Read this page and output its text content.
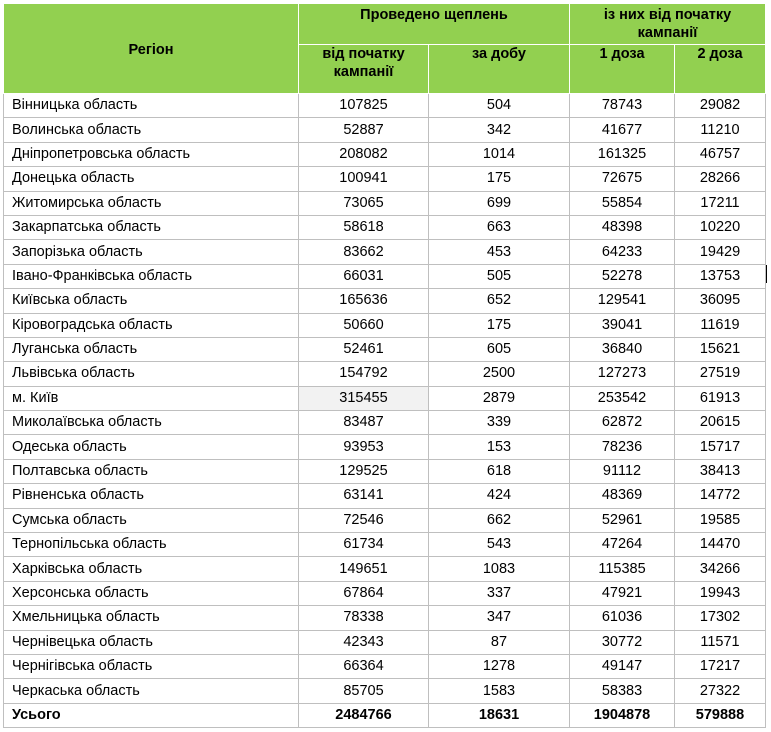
Регіон	Проведено щеплень		із них від початку кампанії	
	від початку кампанії	за добу	1 доза	2 доза
Вінницька область	107825	504	78743	29082
Волинська область	52887	342	41677	11210
Дніпропетровська область	208082	1014	161325	46757
Донецька область	100941	175	72675	28266
Житомирська область	73065	699	55854	17211
Закарпатська область	58618	663	48398	10220
Запорізька область	83662	453	64233	19429
Івано-Франківська область	66031	505	52278	13753
Київська область	165636	652	129541	36095
Кіровоградська область	50660	175	39041	11619
Луганська область	52461	605	36840	15621
Львівська область	154792	2500	127273	27519
м. Київ	315455	2879	253542	61913
Миколаївська область	83487	339	62872	20615
Одеська область	93953	153	78236	15717
Полтавська область	129525	618	91112	38413
Рівненська область	63141	424	48369	14772
Сумська область	72546	662	52961	19585
Тернопільська область	61734	543	47264	14470
Харківська область	149651	1083	115385	34266
Херсонська область	67864	337	47921	19943
Хмельницька область	78338	347	61036	17302
Чернівецька область	42343	87	30772	11571
Чернігівська область	66364	1278	49147	17217
Черкаська область	85705	1583	58383	27322
Усього	2484766	18631	1904878	579888
